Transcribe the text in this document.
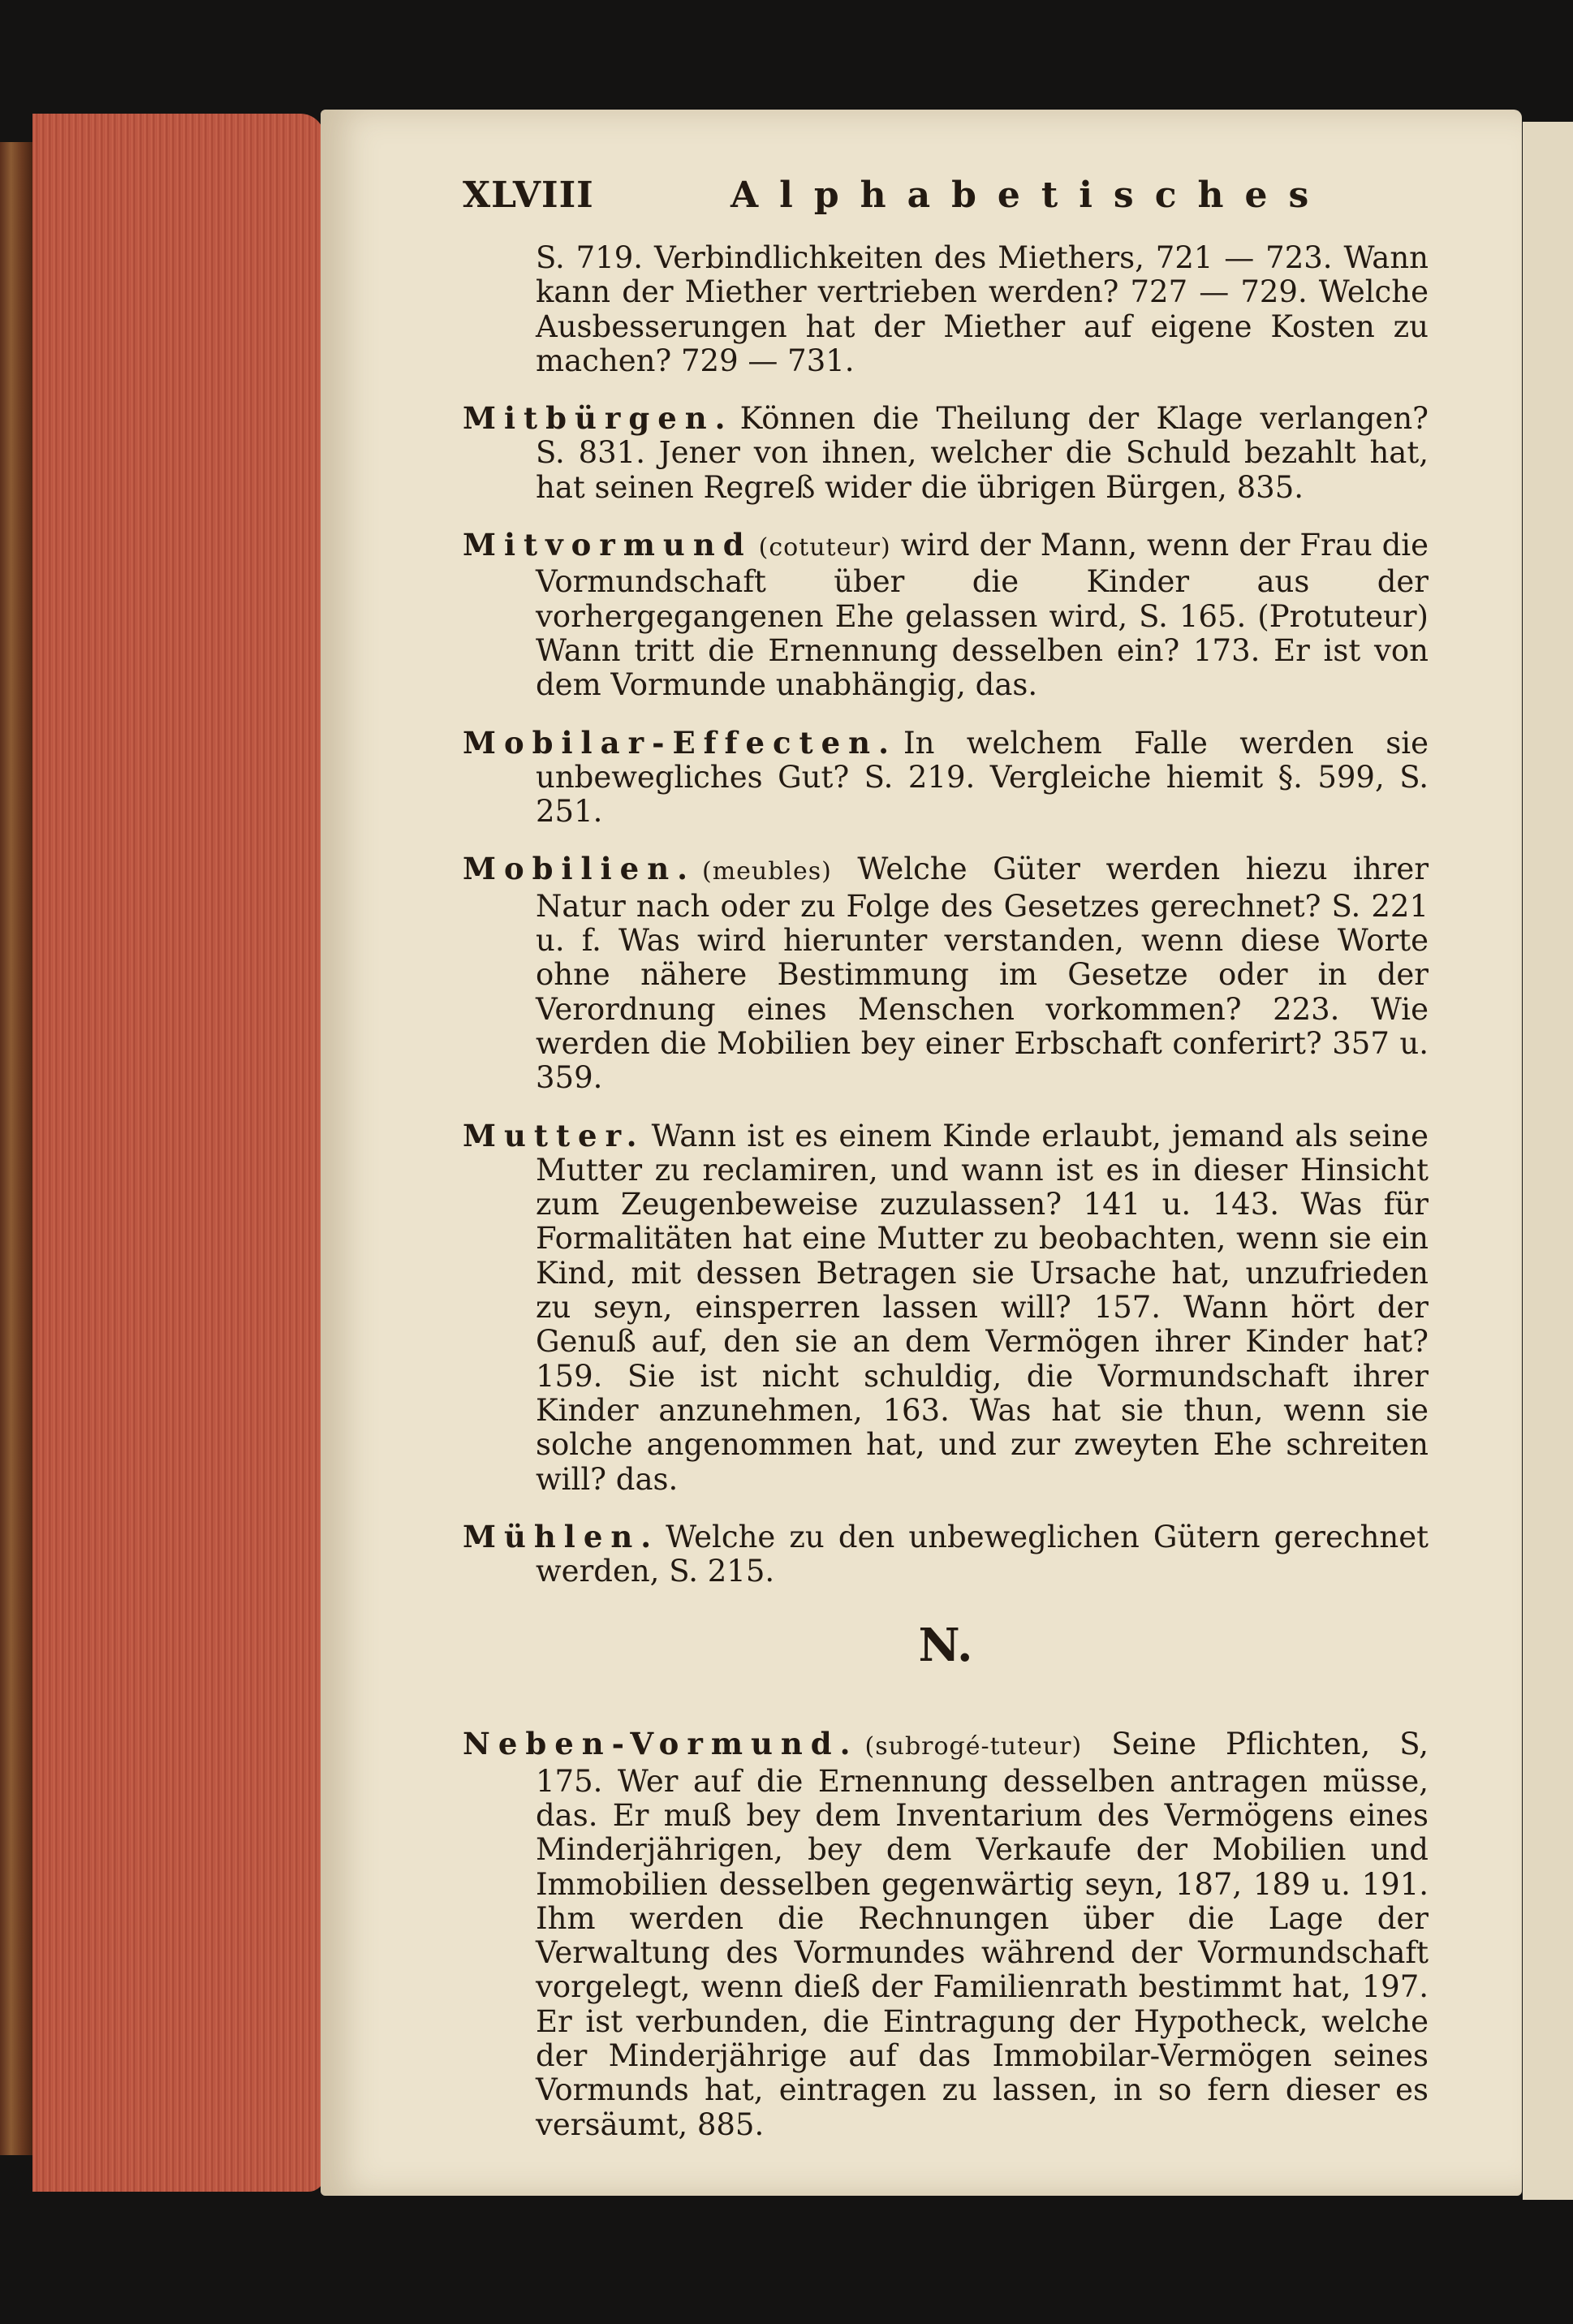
XLVIII	Alphabetisches

S. 719. Verbindlichkeiten des Miethers, 721 — 723. Wann kann der Miether vertrieben werden? 727 — 729. Welche Ausbesserungen hat der Miether auf eigene Kosten zu machen? 729 — 731.

Mitbürgen. Können die Theilung der Klage verlangen? S. 831. Jener von ihnen, welcher die Schuld bezahlt hat, hat seinen Regreß wider die übrigen Bürgen, 835.

Mitvormund (cotuteur) wird der Mann, wenn der Frau die Vormundschaft über die Kinder aus der vorhergegangenen Ehe gelassen wird, S. 165. (Protuteur) Wann tritt die Ernennung desselben ein? 173. Er ist von dem Vormunde unabhängig, das.

Mobilar-Effecten. In welchem Falle werden sie unbewegliches Gut? S. 219. Vergleiche hiemit §. 599, S. 251.

Mobilien. (meubles) Welche Güter werden hiezu ihrer Natur nach oder zu Folge des Gesetzes gerechnet? S. 221 u. f. Was wird hierunter verstanden, wenn diese Worte ohne nähere Bestimmung im Gesetze oder in der Verordnung eines Menschen vorkommen? 223. Wie werden die Mobilien bey einer Erbschaft conferirt? 357 u. 359.

Mutter. Wann ist es einem Kinde erlaubt, jemand als seine Mutter zu reclamiren, und wann ist es in dieser Hinsicht zum Zeugenbeweise zuzulassen? 141 u. 143. Was für Formalitäten hat eine Mutter zu beobachten, wenn sie ein Kind, mit dessen Betragen sie Ursache hat, unzufrieden zu seyn, einsperren lassen will? 157. Wann hört der Genuß auf, den sie an dem Vermögen ihrer Kinder hat? 159. Sie ist nicht schuldig, die Vormundschaft ihrer Kinder anzunehmen, 163. Was hat sie thun, wenn sie solche angenommen hat, und zur zweyten Ehe schreiten will? das.

Mühlen. Welche zu den unbeweglichen Gütern gerechnet werden, S. 215.

N.

Neben-Vormund. (subrogé-tuteur) Seine Pflichten, S, 175. Wer auf die Ernennung desselben antragen müsse, das. Er muß bey dem Inventarium des Vermögens eines Minderjährigen, bey dem Verkaufe der Mobilien und Immobilien desselben gegenwärtig seyn, 187, 189 u. 191. Ihm werden die Rechnungen über die Lage der Verwaltung des Vormundes während der Vormundschaft vorgelegt, wenn dieß der Familienrath bestimmt hat, 197. Er ist verbunden, die Eintragung der Hypotheck, welche der Minderjährige auf das Immobilar-Vermögen seines Vormunds hat, eintragen zu lassen, in so fern dieser es versäumt, 885.
